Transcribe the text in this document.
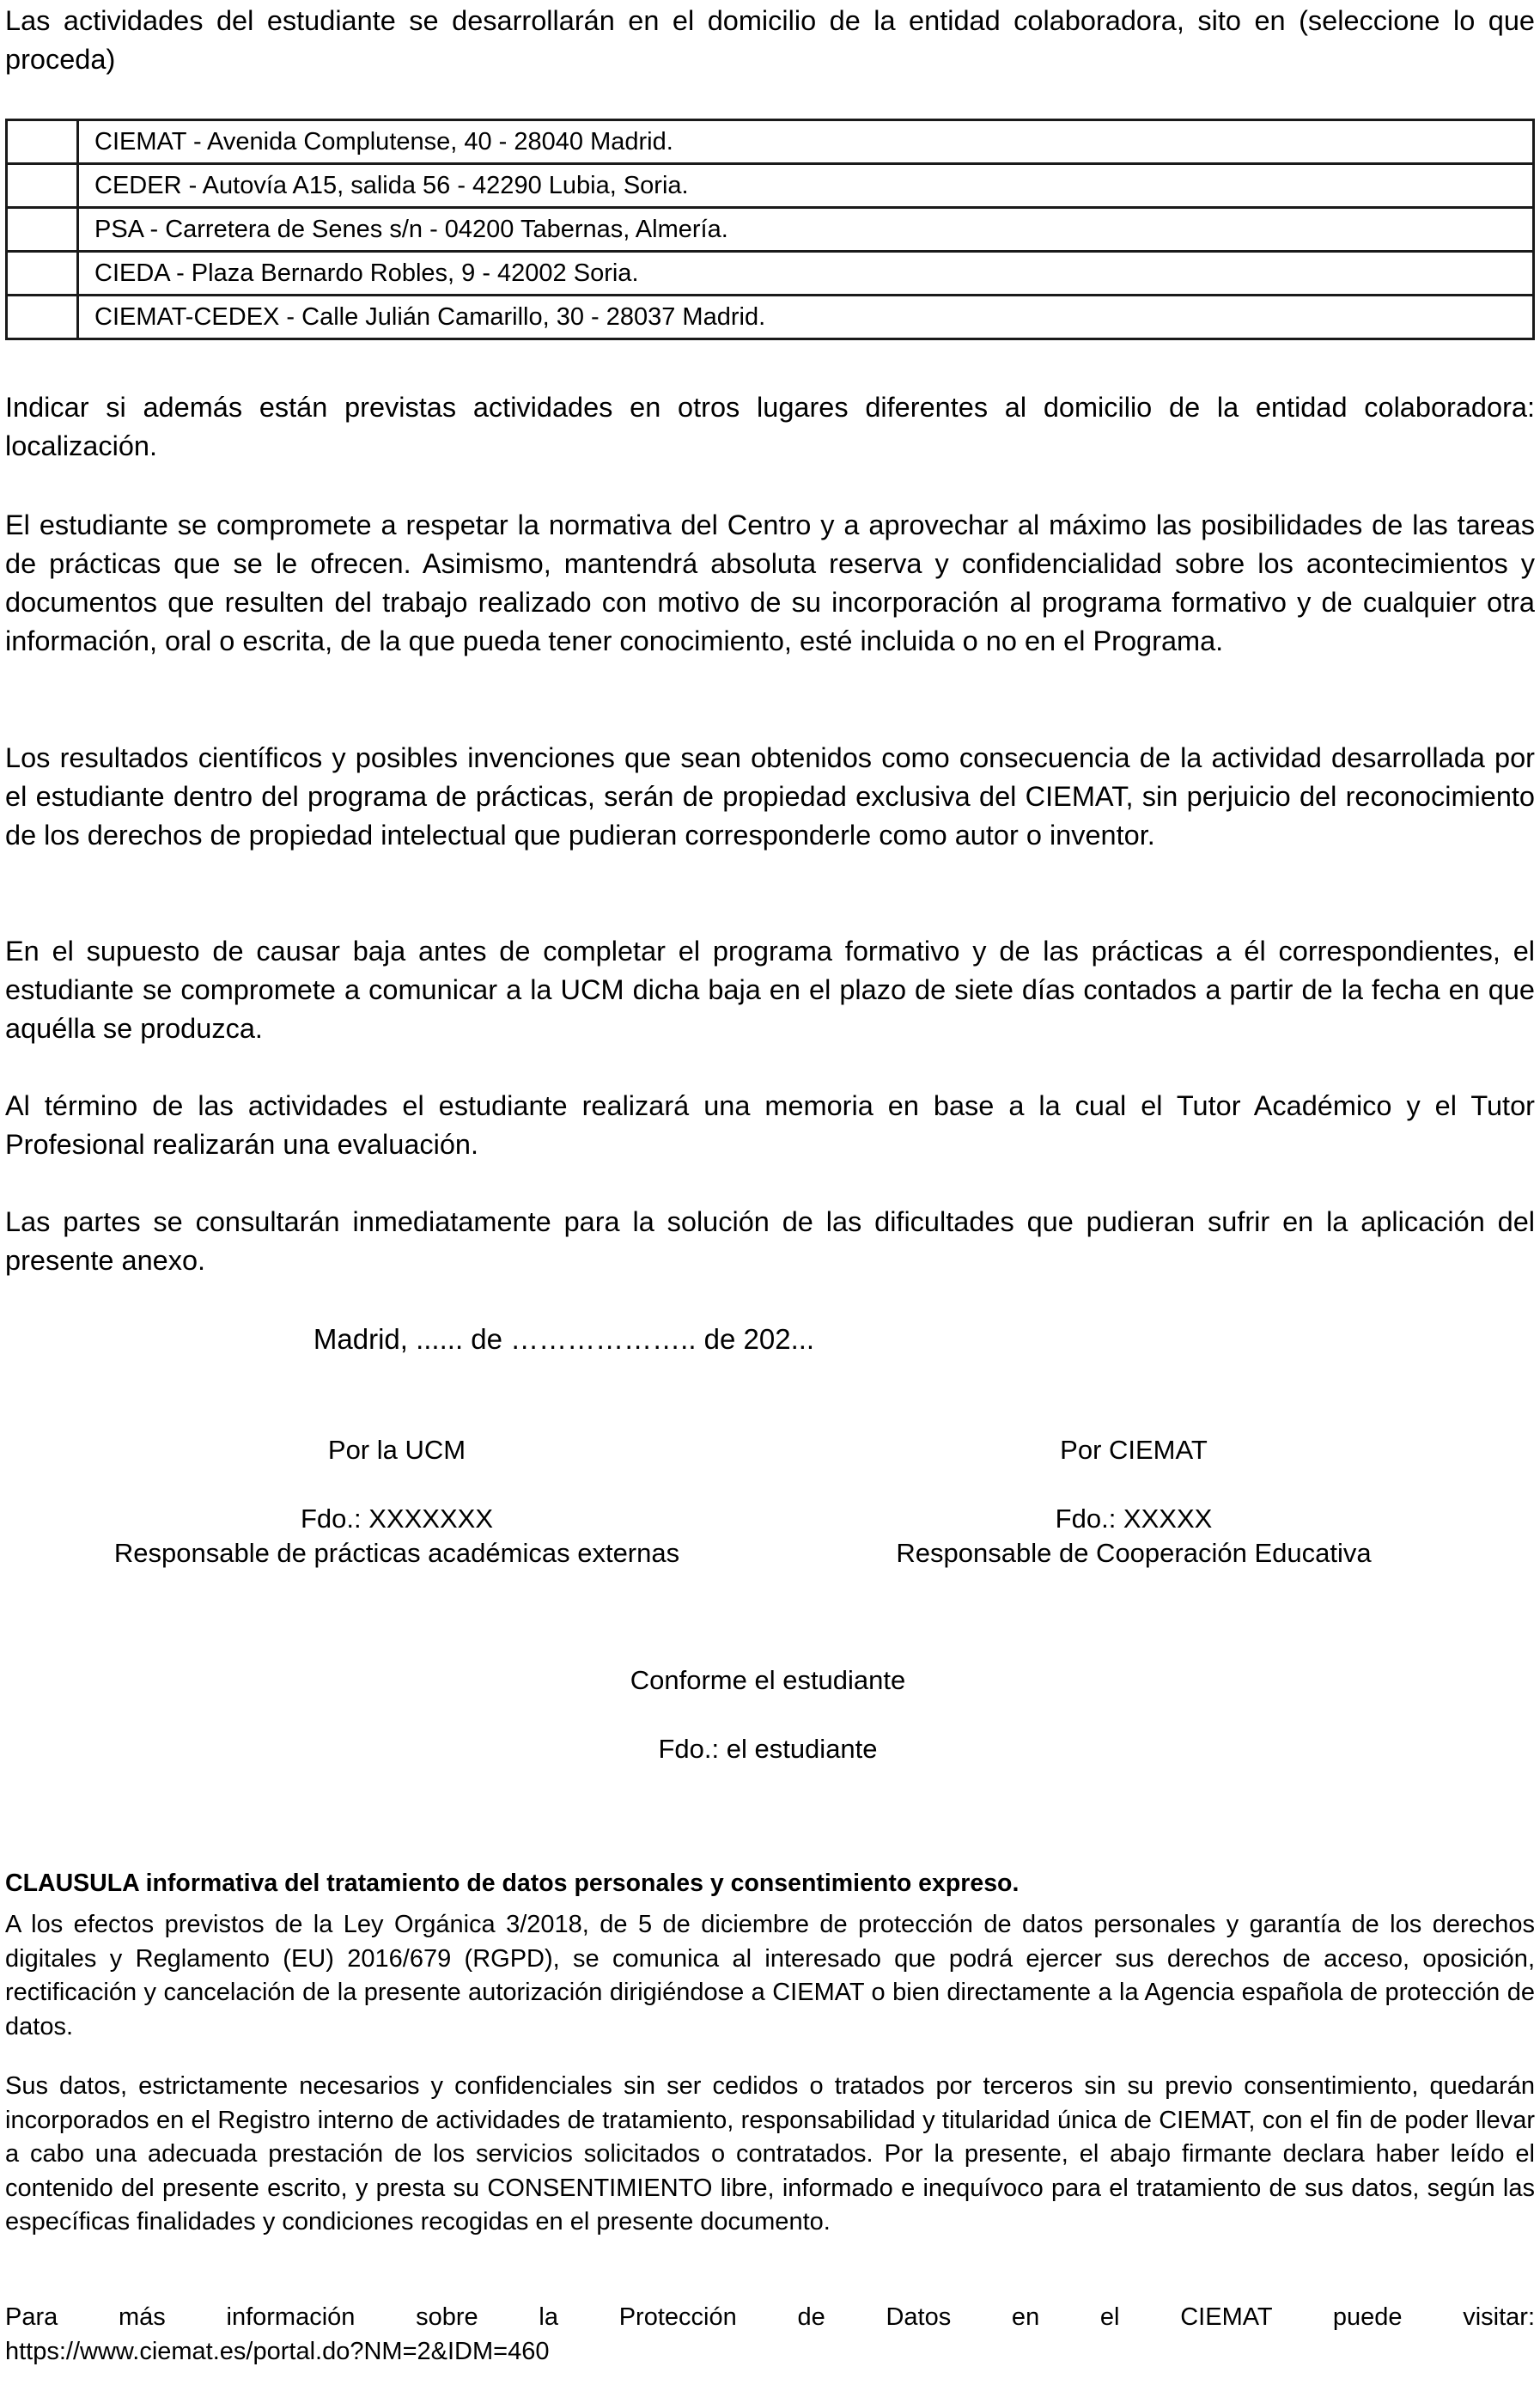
Las actividades del estudiante se desarrollarán en el domicilio de la entidad colaboradora, sito en (seleccione lo que proceda)

	CIEMAT - Avenida Complutense, 40 - 28040 Madrid.
	CEDER - Autovía A15, salida 56 - 42290 Lubia, Soria.
	PSA - Carretera de Senes s/n - 04200 Tabernas, Almería.
	CIEDA - Plaza Bernardo Robles, 9 - 42002 Soria.
	CIEMAT-CEDEX - Calle Julián Camarillo, 30 - 28037 Madrid.

Indicar si además están previstas actividades en otros lugares diferentes al domicilio de la entidad colaboradora: localización.

El estudiante se compromete a respetar la normativa del Centro y a aprovechar al máximo las posibilidades de las tareas de prácticas que se le ofrecen. Asimismo, mantendrá absoluta reserva y confidencialidad sobre los acontecimientos y documentos que resulten del trabajo realizado con motivo de su incorporación al programa formativo y de cualquier otra información, oral o escrita, de la que pueda tener conocimiento, esté incluida o no en el Programa.

Los resultados científicos y posibles invenciones que sean obtenidos como consecuencia de la actividad desarrollada por el estudiante dentro del programa de prácticas, serán de propiedad exclusiva del CIEMAT, sin perjuicio del reconocimiento de los derechos de propiedad intelectual que pudieran corresponderle como autor o inventor.

En el supuesto de causar baja antes de completar el programa formativo y de las prácticas a él correspondientes, el estudiante se compromete a comunicar a la UCM dicha baja en el plazo de siete días contados a partir de la fecha en que aquélla se produzca.

Al término de las actividades el estudiante realizará una memoria en base a la cual el Tutor Académico y el Tutor Profesional realizarán una evaluación.

Las partes se consultarán inmediatamente para la solución de las dificultades que pudieran sufrir en la aplicación del presente anexo.

Madrid, ...... de ……………….. de 202...
Por la UCM
Fdo.: XXXXXXX
Responsable de prácticas académicas externas
Por CIEMAT
Fdo.: XXXXX
Responsable de Cooperación Educativa
Conforme el estudiante
Fdo.: el estudiante
CLAUSULA informativa del tratamiento de datos personales y consentimiento expreso.

A los efectos previstos de la Ley Orgánica 3/2018, de 5 de diciembre de protección de datos personales y garantía de los derechos digitales y Reglamento (EU) 2016/679 (RGPD), se comunica al interesado que podrá ejercer sus derechos de acceso, oposición, rectificación y cancelación de la presente autorización dirigiéndose a CIEMAT o bien directamente a la Agencia española de protección de datos.

Sus datos, estrictamente necesarios y confidenciales sin ser cedidos o tratados por terceros sin su previo consentimiento, quedarán incorporados en el Registro interno de actividades de tratamiento, responsabilidad y titularidad única de CIEMAT, con el fin de poder llevar a cabo una adecuada prestación de los servicios solicitados o contratados. Por la presente, el abajo firmante declara haber leído el contenido del presente escrito, y presta su CONSENTIMIENTO libre, informado e inequívoco para el tratamiento de sus datos, según las específicas finalidades y condiciones recogidas en el presente documento.

Para más información sobre la Protección de Datos en el CIEMAT puede visitar:
https://www.ciemat.es/portal.do?NM=2&IDM=460
